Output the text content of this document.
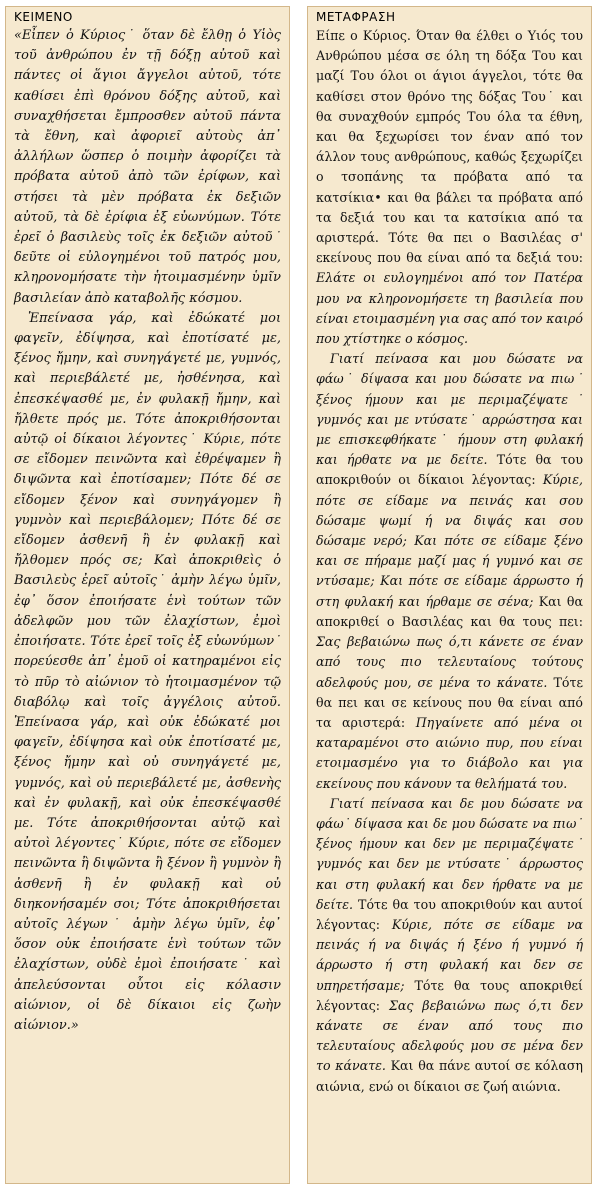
ΚΕΙΜΕΝΟ

«Εἶπεν ὁ Κύριος˙ ὅταν δὲ ἔλθῃ ὁ Υἱὸς τοῦ ἀνθρώπου ἐν τῇ δόξῃ αὐτοῦ καὶ πάντες οἱ ἅγιοι ἄγγελοι αὐτοῦ, τότε καθίσει ἐπὶ θρόνου δόξης αὐτοῦ, καὶ συναχθήσεται ἔμπροσθεν αὐτοῦ πάντα τὰ ἔθνη, καὶ ἀφοριεῖ αὐτοὺς ἀπ᾽ ἀλλήλων ὥσπερ ὁ ποιμὴν ἀφορίζει τὰ πρόβατα αὐτοῦ ἀπὸ τῶν ἐρίφων, καὶ στήσει τὰ μὲν πρόβατα ἐκ δεξιῶν αὐτοῦ, τὰ δὲ ἐρίφια ἐξ εὐωνύμων. Τότε ἐρεῖ ὁ βασιλεὺς τοῖς ἐκ δεξιῶν αὐτοῦ˙ δεῦτε οἱ εὐλογημένοι τοῦ πατρός μου, κληρονομήσατε τὴν ἡτοιμασμένην ὑμῖν βασιλείαν ἀπὸ καταβολῆς κόσμου.

Ἐπείνασα γάρ, καὶ ἐδώκατέ μοι φαγεῖν, ἐδίψησα, καὶ ἐποτίσατέ με, ξένος ἤμην, καὶ συνηγάγετέ με, γυμνός, καὶ περιεβάλετέ με, ἠσθένησα, καὶ ἐπεσκέψασθέ με, ἐν φυλακῇ ἤμην, καὶ ἤλθετε πρός με. Τότε ἀποκριθήσονται αὐτῷ οἱ δίκαιοι λέγοντες˙ Κύριε, πότε σε εἴδομεν πεινῶντα καὶ ἐθρέψαμεν ἢ διψῶντα καὶ ἐποτίσαμεν; Πότε δέ σε εἴδομεν ξένον καὶ συνηγάγομεν ἢ γυμνὸν καὶ περιεβάλομεν; Πότε δέ σε εἴδομεν ἀσθενῆ ἢ ἐν φυλακῇ καὶ ἤλθομεν πρός σε; Καὶ ἀποκριθεὶς ὁ Βασιλεὺς ἐρεῖ αὐτοῖς˙ ἀμὴν λέγω ὑμῖν, ἐφ᾽ ὅσον ἐποιήσατε ἑνὶ τούτων τῶν ἀδελφῶν μου τῶν ἐλαχίστων, ἐμοὶ ἐποιήσατε. Τότε ἐρεῖ τοῖς ἐξ εὐωνύμων˙ πορεύεσθε ἀπ᾽ ἐμοῦ οἱ κατηραμένοι εἰς τὸ πῦρ τὸ αἰώνιον τὸ ἡτοιμασμένον τῷ διαβόλῳ καὶ τοῖς ἀγγέλοις αὐτοῦ. Ἐπείνασα γάρ, καὶ οὐκ ἐδώκατέ μοι φαγεῖν, ἐδίψησα καὶ οὐκ ἐποτίσατέ με, ξένος ἤμην καὶ οὐ συνηγάγετέ με, γυμνός, καὶ οὐ περιεβάλετέ με, ἀσθενὴς καὶ ἐν φυλακῇ, καὶ οὐκ ἐπεσκέψασθέ με. Τότε ἀποκριθήσονται αὐτῷ καὶ αὐτοὶ λέγοντες˙ Κύριε, πότε σε εἴδομεν πεινῶντα ἢ διψῶντα ἢ ξένον ἢ γυμνὸν ἢ ἀσθενῆ ἢ ἐν φυλακῇ καὶ οὐ διηκονήσαμέν σοι; Τότε ἀποκριθήσεται αὐτοῖς λέγων˙ ἀμὴν λέγω ὑμῖν, ἐφ᾽ ὅσον οὐκ ἐποιήσατε ἑνὶ τούτων τῶν ἐλαχίστων, οὐδὲ ἐμοὶ ἐποιήσατε˙ καὶ ἀπελεύσονται οὗτοι εἰς κόλασιν αἰώνιον, οἱ δὲ δίκαιοι εἰς ζωὴν αἰώνιον.»

ΜΕΤΑΦΡΑΣΗ

Είπε ο Κύριος. Όταν θα έλθει ο Υιός του Ανθρώπου μέσα σε όλη τη δόξα Του και μαζί Του όλοι οι άγιοι άγγελοι, τότε θα καθίσει στον θρόνο της δόξας Του˙ και θα συναχθούν εμπρός Του όλα τα έθνη, και θα ξεχωρίσει τον έναν από τον άλλον τους ανθρώπους, καθώς ξεχωρίζει ο τσοπάνης τα πρόβατα από τα κατσίκια• και θα βάλει τα πρόβατα από τα δεξιά του και τα κατσίκια από τα αριστερά. Τότε θα πει ο Βασιλέας σ' εκείνους που θα είναι από τα δεξιά του: Ελάτε οι ευλογημένοι από τον Πατέρα μου να κληρονομήσετε τη βασιλεία που είναι ετοιμασμένη για σας από τον καιρό που χτίστηκε ο κόσμος.

Γιατί πείνασα και μου δώσατε να φάω˙ δίψασα και μου δώσατε να πιω˙ ξένος ήμουν και με περιμαζέψατε˙ γυμνός και με ντύσατε˙ αρρώστησα και με επισκεφθήκατε˙ ήμουν στη φυλακή και ήρθατε να με δείτε. Τότε θα του αποκριθούν οι δίκαιοι λέγοντας: Κύριε, πότε σε είδαμε να πεινάς και σου δώσαμε ψωμί ή να διψάς και σου δώσαμε νερό; Και πότε σε είδαμε ξένο και σε πήραμε μαζί μας ή γυμνό και σε ντύσαμε; Και πότε σε είδαμε άρρωστο ή στη φυλακή και ήρθαμε σε σένα; Και θα αποκριθεί ο Βασιλέας και θα τους πει: Σας βεβαιώνω πως ό,τι κάνετε σε έναν από τους πιο τελευταίους τούτους αδελφούς μου, σε μένα το κάνατε. Τότε θα πει και σε κείνους που θα είναι από τα αριστερά: Πηγαίνετε από μένα οι καταραμένοι στο αιώνιο πυρ, που είναι ετοιμασμένο για το διάβολο και για εκείνους που κάνουν τα θελήματά του.

Γιατί πείνασα και δε μου δώσατε να φάω˙ δίψασα και δε μου δώσατε να πιω˙ ξένος ήμουν και δεν με περιμαζέψατε˙ γυμνός και δεν με ντύσατε˙ άρρωστος και στη φυλακή και δεν ήρθατε να με δείτε. Τότε θα του αποκριθούν και αυτοί λέγοντας: Κύριε, πότε σε είδαμε να πεινάς ή να διψάς ή ξένο ή γυμνό ή άρρωστο ή στη φυλακή και δεν σε υπηρετήσαμε; Τότε θα τους αποκριθεί λέγοντας: Σας βεβαιώνω πως ό,τι δεν κάνατε σε έναν από τους πιο τελευταίους αδελφούς μου σε μένα δεν το κάνατε. Και θα πάνε αυτοί σε κόλαση αιώνια, ενώ οι δίκαιοι σε ζωή αιώνια.
